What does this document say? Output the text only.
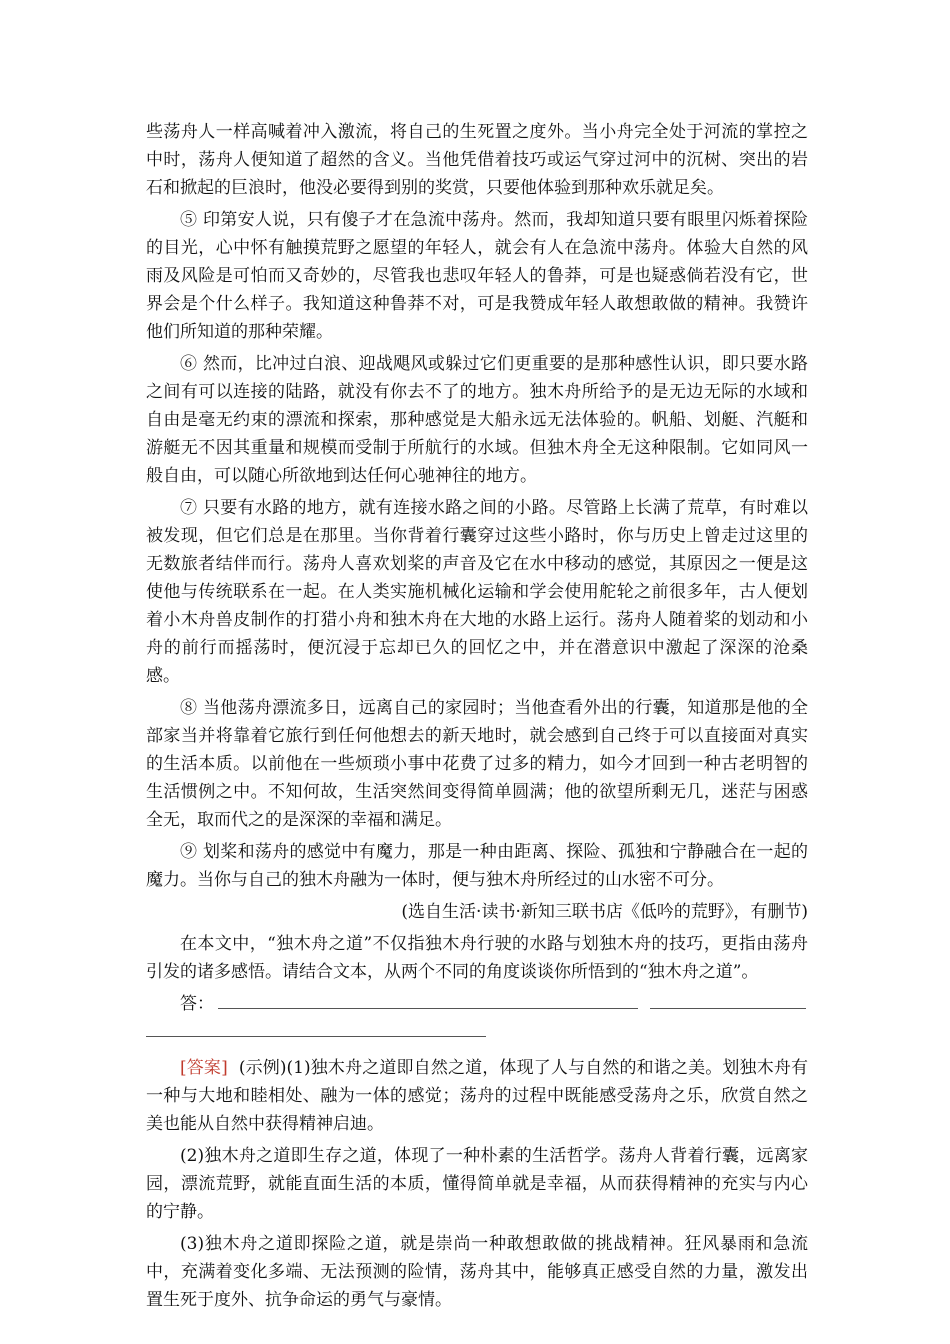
些荡舟人一样高喊着冲入激流，将自己的生死置之度外。当小舟完全处于河流的掌控之中时，荡舟人便知道了超然的含义。当他凭借着技巧或运气穿过河中的沉树、突出的岩石和掀起的巨浪时，他没必要得到别的奖赏，只要他体验到那种欢乐就足矣。

⑤ 印第安人说，只有傻子才在急流中荡舟。然而，我却知道只要有眼里闪烁着探险的目光，心中怀有触摸荒野之愿望的年轻人，就会有人在急流中荡舟。体验大自然的风雨及风险是可怕而又奇妙的，尽管我也悲叹年轻人的鲁莽，可是也疑惑倘若没有它，世界会是个什么样子。我知道这种鲁莽不对，可是我赞成年轻人敢想敢做的精神。我赞许他们所知道的那种荣耀。

⑥ 然而，比冲过白浪、迎战飓风或躲过它们更重要的是那种感性认识，即只要水路之间有可以连接的陆路，就没有你去不了的地方。独木舟所给予的是无边无际的水域和自由是毫无约束的漂流和探索，那种感觉是大船永远无法体验的。帆船、划艇、汽艇和游艇无不因其重量和规模而受制于所航行的水域。但独木舟全无这种限制。它如同风一般自由，可以随心所欲地到达任何心驰神往的地方。

⑦ 只要有水路的地方，就有连接水路之间的小路。尽管路上长满了荒草，有时难以被发现，但它们总是在那里。当你背着行囊穿过这些小路时，你与历史上曾走过这里的无数旅者结伴而行。荡舟人喜欢划桨的声音及它在水中移动的感觉，其原因之一便是这使他与传统联系在一起。在人类实施机械化运输和学会使用舵轮之前很多年，古人便划着小木舟兽皮制作的打猎小舟和独木舟在大地的水路上运行。荡舟人随着桨的划动和小舟的前行而摇荡时，便沉浸于忘却已久的回忆之中，并在潜意识中激起了深深的沧桑感。

⑧ 当他荡舟漂流多日，远离自己的家园时；当他查看外出的行囊，知道那是他的全部家当并将靠着它旅行到任何他想去的新天地时，就会感到自己终于可以直接面对真实的生活本质。以前他在一些烦琐小事中花费了过多的精力，如今才回到一种古老明智的生活惯例之中。不知何故，生活突然间变得简单圆满；他的欲望所剩无几，迷茫与困惑全无，取而代之的是深深的幸福和满足。

⑨ 划桨和荡舟的感觉中有魔力，那是一种由距离、探险、孤独和宁静融合在一起的魔力。当你与自己的独木舟融为一体时，便与独木舟所经过的山水密不可分。

(选自生活·读书·新知三联书店《低吟的荒野》，有删节)

在本文中，“独木舟之道”不仅指独木舟行驶的水路与划独木舟的技巧，更指由荡舟引发的诸多感悟。请结合文本，从两个不同的角度谈谈你所悟到的“独木舟之道”。

答：

[答案] (示例)(1)独木舟之道即自然之道，体现了人与自然的和谐之美。划独木舟有一种与大地和睦相处、融为一体的感觉；荡舟的过程中既能感受荡舟之乐，欣赏自然之美也能从自然中获得精神启迪。

(2)独木舟之道即生存之道，体现了一种朴素的生活哲学。荡舟人背着行囊，远离家园，漂流荒野，就能直面生活的本质，懂得简单就是幸福，从而获得精神的充实与内心的宁静。

(3)独木舟之道即探险之道，就是崇尚一种敢想敢做的挑战精神。狂风暴雨和急流中，充满着变化多端、无法预测的险情，荡舟其中，能够真正感受自然的力量，激发出置生死于度外、抗争命运的勇气与豪情。
